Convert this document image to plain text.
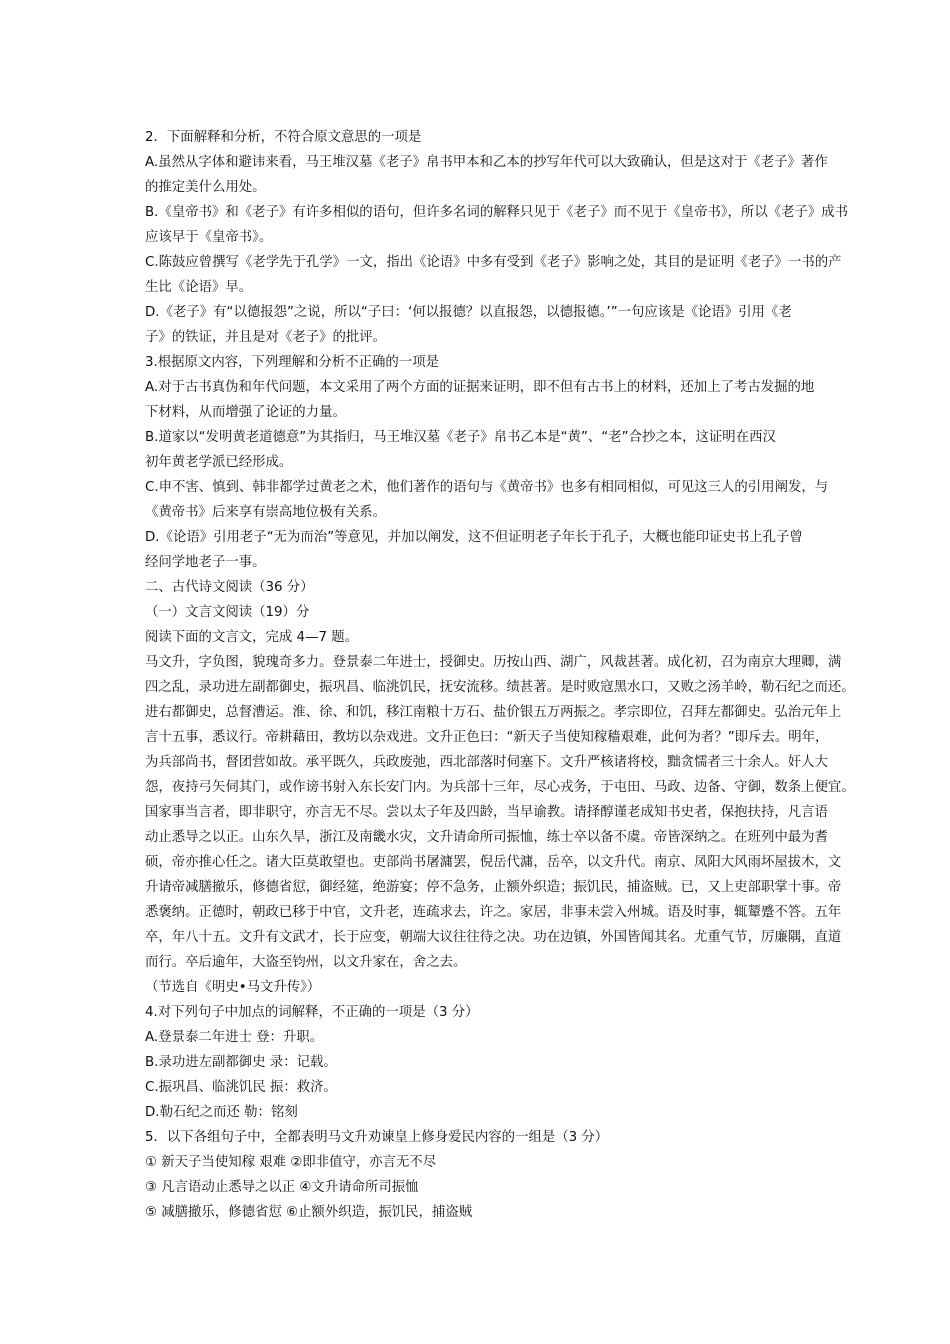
2．下面解释和分析，不符合原文意思的一项是
A.虽然从字体和避讳来看，马王堆汉墓《老子》帛书甲本和乙本的抄写年代可以大致确认，但是这对于《老子》著作
的推定美什么用处。
B.《皇帝书》和《老子》有许多相似的语句，但许多名词的解释只见于《老子》而不见于《皇帝书》，所以《老子》成书
应该早于《皇帝书》。
C.陈鼓应曾撰写《老学先于孔学》一文，指出《论语》中多有受到《老子》影响之处，其目的是证明《老子》一书的产
生比《论语》早。
D.《老子》有“以德报怨”之说，所以“子曰：‘何以报德？以直报怨，以德报德。’”一句应该是《论语》引用《老
子》的铁证，并且是对《老子》的批评。
3.根据原文内容，下列理解和分析不正确的一项是
A.对于古书真伪和年代问题，本文采用了两个方面的证据来证明，即不但有古书上的材料，还加上了考古发掘的地
下材料，从而增强了论证的力量。
B.道家以“发明黄老道德意”为其指归，马王堆汉墓《老子》帛书乙本是“黄”、“老”合抄之本，这证明在西汉
初年黄老学派已经形成。
C.申不害、慎到、韩非都学过黄老之术，他们著作的语句与《黄帝书》也多有相同相似，可见这三人的引用阐发，与
《黄帝书》后来享有崇高地位极有关系。
D.《论语》引用老子“无为而治”等意见，并加以阐发，这不但证明老子年长于孔子，大概也能印证史书上孔子曾
经问学地老子一事。
二、古代诗文阅读（36 分）
（一）文言文阅读（19）分
阅读下面的文言文，完成 4—7 题。
马文升，字负图，貌瑰奇多力。登景泰二年进士，授御史。历按山西、湖广，风裁甚著。成化初，召为南京大理卿，满
四之乱，录功进左副都御史，振巩昌、临洮饥民，抚安流移。绩甚著。是时败寇黑水口，又败之汤羊岭，勒石纪之而还。
进右都御史，总督漕运。淮、徐、和饥，移江南粮十万石、盐价银五万两振之。孝宗即位，召拜左都御史。弘治元年上
言十五事，悉议行。帝耕藉田，教坊以杂戏进。文升正色曰：“新天子当使知稼穑艰难，此何为者？”即斥去。明年，
为兵部尚书，督团营如故。承平既久，兵政废弛，西北部落时伺塞下。文升严核诸将校，黜贪懦者三十余人。奸人大
怨，夜持弓矢伺其门，或作谤书射入东长安门内。为兵部十三年，尽心戎务，于屯田、马政、边备、守御，数条上便宜。
国家事当言者，即非职守，亦言无不尽。尝以太子年及四龄，当早谕教。请择醇谨老成知书史者，保抱扶持，凡言语
动止悉导之以正。山东久旱，浙江及南畿水灾，文升请命所司振恤，练士卒以备不虞。帝皆深纳之。在班列中最为耆
硕，帝亦推心任之。诸大臣莫敢望也。吏部尚书屠滽罢，倪岳代滽，岳卒，以文升代。南京、凤阳大风雨坏屋拔木，文
升请帝减膳撤乐，修德省愆，御经筵，绝游宴；停不急务，止额外织造；振饥民，捕盗贼。已，又上吏部职掌十事。帝
悉褒纳。正德时，朝政已移于中官，文升老，连疏求去，许之。家居，非事未尝入州城。语及时事，辄颦蹙不答。五年
卒，年八十五。文升有文武才，长于应变，朝端大议往往待之决。功在边镇，外国皆闻其名。尤重气节，厉廉隅，直道
而行。卒后逾年，大盗至钧州，以文升家在，舍之去。
（节选自《明史•马文升传》）
4.对下列句子中加点的词解释，不正确的一项是（3 分）
A.登景泰二年进士 登：升职。
B.录功进左副都御史 录：记载。
C.振巩昌、临洮饥民 振：救济。
D.勒石纪之而还 勒：铭刻
5．以下各组句子中，全都表明马文升劝谏皇上修身爱民内容的一组是（3 分）
① 新天子当使知稼 艰难 ②即非值守，亦言无不尽
③ 凡言语动止悉导之以正 ④文升请命所司振恤
⑤ 减膳撤乐，修德省愆 ⑥止额外织造，振饥民，捕盗贼
